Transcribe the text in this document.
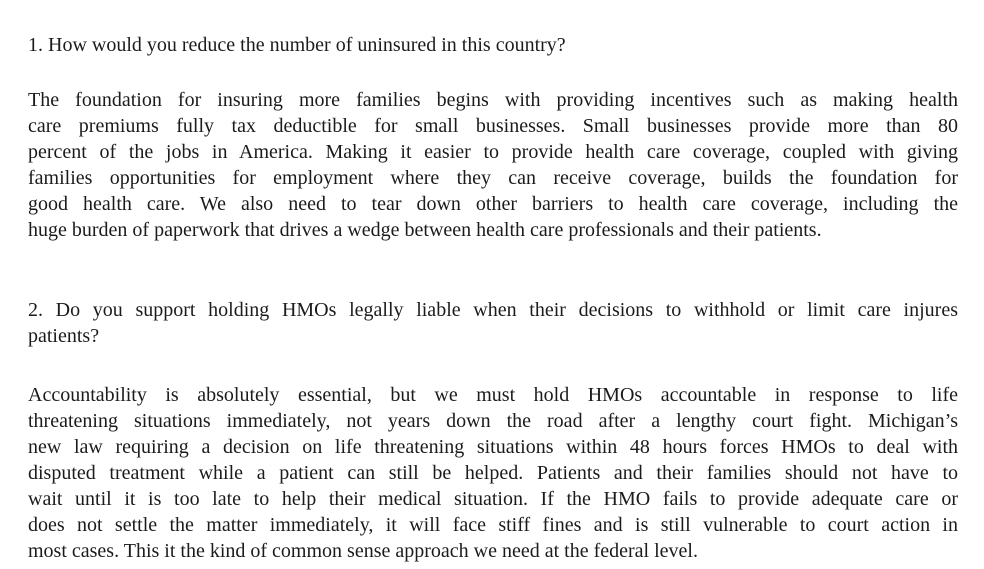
1. How would you reduce the number of uninsured in this country?
The foundation for insuring more families begins with providing incentives such as making health
care premiums fully tax deductible for small businesses. Small businesses provide more than 80
percent of the jobs in America. Making it easier to provide health care coverage, coupled with giving
families opportunities for employment where they can receive coverage, builds the foundation for
good health care. We also need to tear down other barriers to health care coverage, including the
huge burden of paperwork that drives a wedge between health care professionals and their patients.
2. Do you support holding HMOs legally liable when their decisions to withhold or limit care injures
patients?
Accountability is absolutely essential, but we must hold HMOs accountable in response to life
threatening situations immediately, not years down the road after a lengthy court fight. Michigan’s
new law requiring a decision on life threatening situations within 48 hours forces HMOs to deal with
disputed treatment while a patient can still be helped. Patients and their families should not have to
wait until it is too late to help their medical situation. If the HMO fails to provide adequate care or
does not settle the matter immediately, it will face stiff fines and is still vulnerable to court action in
most cases. This it the kind of common sense approach we need at the federal level.
